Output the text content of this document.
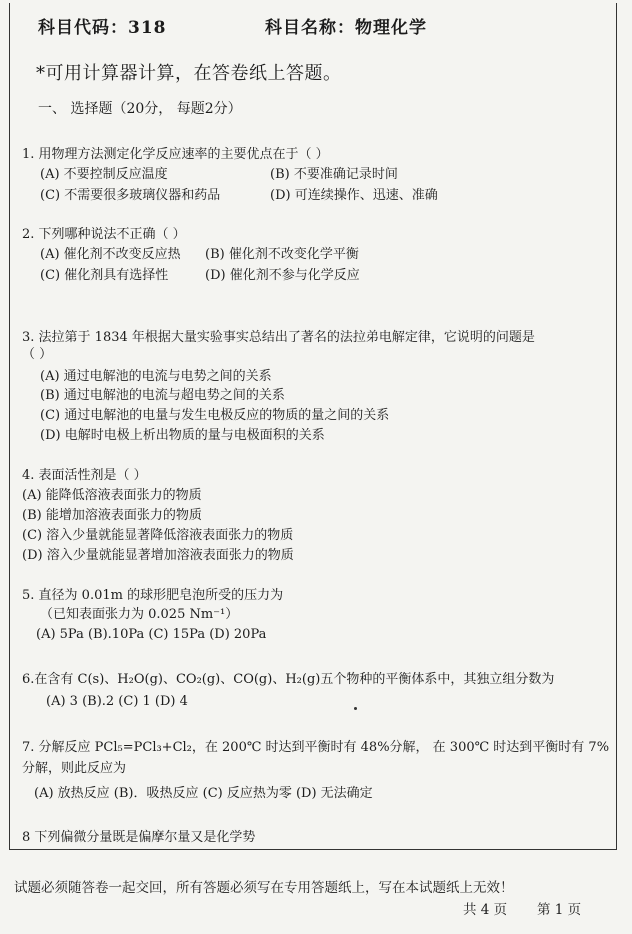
科目代码：318	科目名称：物理化学
*可用计算器计算，在答卷纸上答题。
一、 选择题（20分， 每题2分）
1. 用物理方法测定化学反应速率的主要优点在于（ ）
(A) 不要控制反应温度	(B) 不要准确记录时间
(C) 不需要很多玻璃仪器和药品	(D) 可连续操作、迅速、准确
2. 下列哪种说法不正确（ ）
(A) 催化剂不改变反应热 (B) 催化剂不改变化学平衡
(C) 催化剂具有选择性	(D) 催化剂不参与化学反应
3. 法拉第于 1834 年根据大量实验事实总结出了著名的法拉弟电解定律，它说明的问题是
（ ）
(A) 通过电解池的电流与电势之间的关系
(B) 通过电解池的电流与超电势之间的关系
(C) 通过电解池的电量与发生电极反应的物质的量之间的关系
(D) 电解时电极上析出物质的量与电极面积的关系
4. 表面活性剂是（ ）
(A) 能降低溶液表面张力的物质
(B) 能增加溶液表面张力的物质
(C) 溶入少量就能显著降低溶液表面张力的物质
(D) 溶入少量就能显著增加溶液表面张力的物质
5. 直径为 0.01m 的球形肥皂泡所受的压力为
（已知表面张力为 0.025 Nm⁻¹）
(A) 5Pa (B).10Pa (C) 15Pa (D) 20Pa
6.在含有 C(s)、H₂O(g)、CO₂(g)、CO(g)、H₂(g)五个物种的平衡体系中，其独立组分数为
(A) 3 (B).2 (C) 1 (D) 4
7. 分解反应 PCl₅=PCl₃+Cl₂，在 200℃ 时达到平衡时有 48%分解， 在 300℃ 时达到平衡时有 7%
分解，则此反应为
(A) 放热反应 (B)．吸热反应 (C) 反应热为零 (D) 无法确定
8 下列偏微分量既是偏摩尔量又是化学势
试题必须随答卷一起交回，所有答题必须写在专用答题纸上，写在本试题纸上无效！
共 4 页 第 1 页
